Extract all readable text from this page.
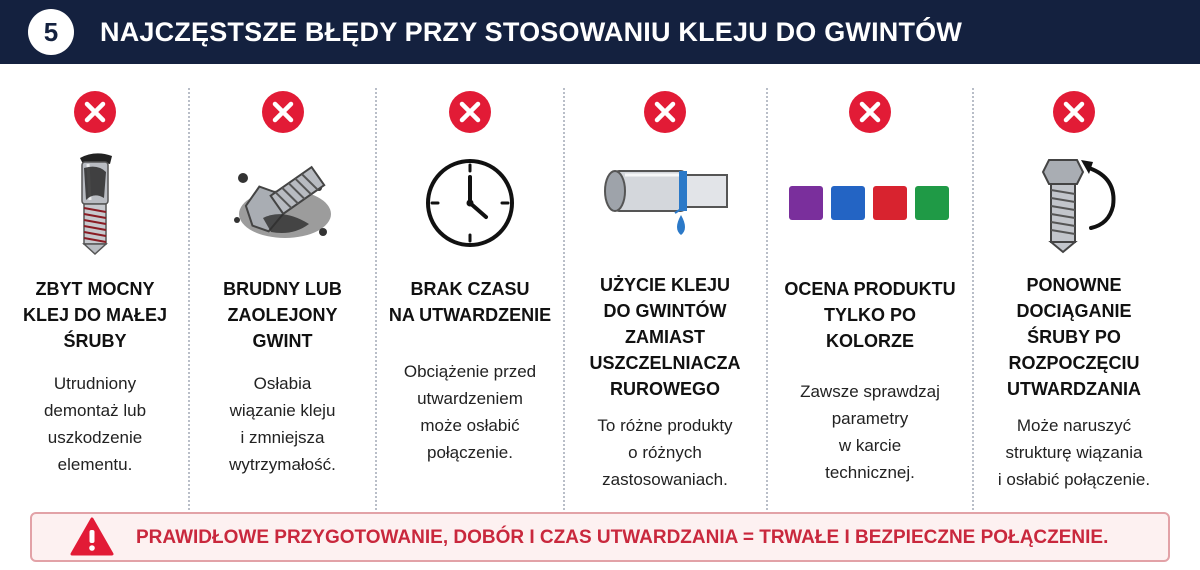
5 NAJCZĘSTSZE BŁĘDY PRZY STOSOWANIU KLEJU DO GWINTÓW
ZBYT MOCNY
KLEJ DO MAŁEJ
ŚRUBY
Utrudniony
demontaż lub
uszkodzenie
elementu.
BRUDNY LUB
ZAOLEJONY
GWINT
Osłabia
wiązanie kleju
i zmniejsza
wytrzymałość.
BRAK CZASU
NA UTWARDZENIE
Obciążenie przed
utwardzeniem
może osłabić
połączenie.
UŻYCIE KLEJU
DO GWINTÓW
ZAMIAST
USZCZELNIACZA
RUROWEGO
To różne produkty
o różnych
zastosowaniach.
OCENA PRODUKTU
TYLKO PO
KOLORZE
Zawsze sprawdzaj
parametry
w karcie
technicznej.
PONOWNE
DOCIĄGANIE
ŚRUBY PO
ROZPOCZĘCIU
UTWARDZANIA
Może naruszyć
strukturę wiązania
i osłabić połączenie.
PRAWIDŁOWE PRZYGOTOWANIE, DOBÓR I CZAS UTWARDZANIA = TRWAŁE I BEZPIECZNE POŁĄCZENIE.
